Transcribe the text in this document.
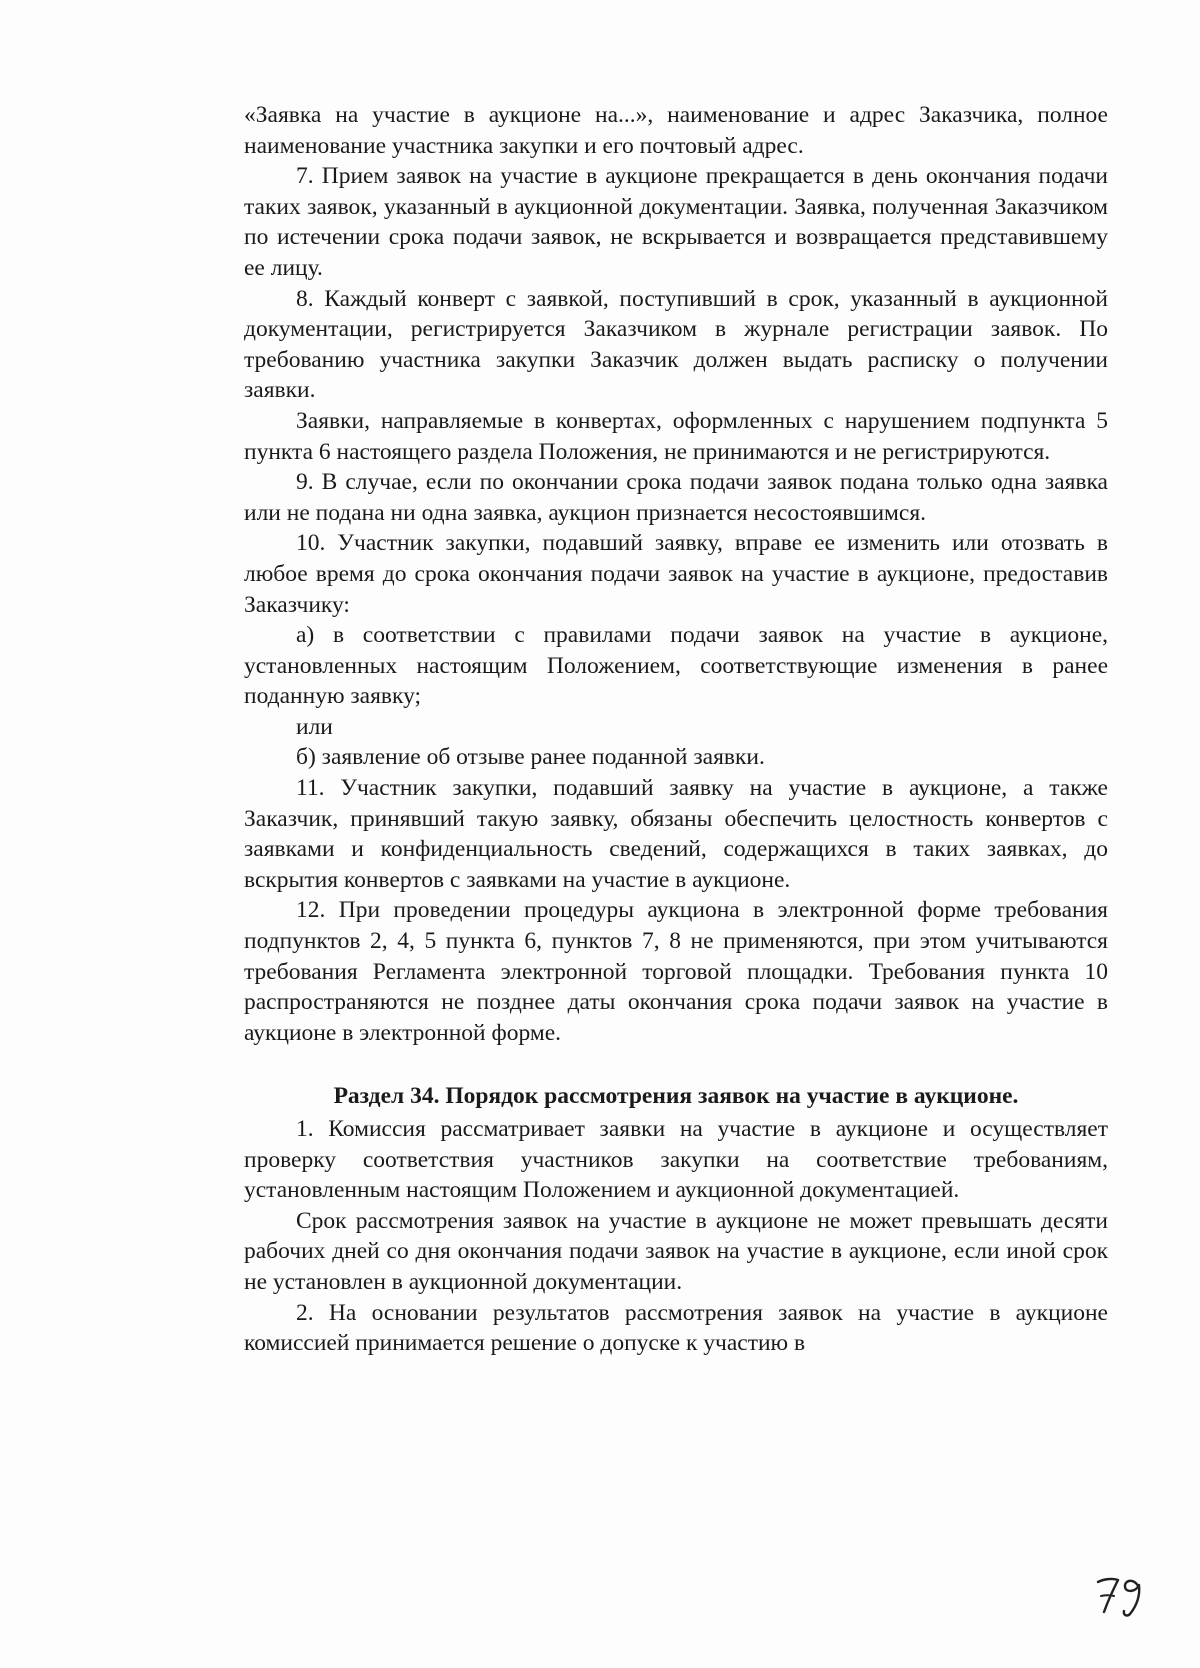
«Заявка на участие в аукционе на...», наименование и адрес Заказчика, полное наименование участника закупки и его почтовый адрес.

7. Прием заявок на участие в аукционе прекращается в день окончания подачи таких заявок, указанный в аукционной документации. Заявка, полученная Заказчиком по истечении срока подачи заявок, не вскрывается и возвращается представившему ее лицу.

8. Каждый конверт с заявкой, поступивший в срок, указанный в аукционной документации, регистрируется Заказчиком в журнале регистрации заявок. По требованию участника закупки Заказчик должен выдать расписку о получении заявки.

Заявки, направляемые в конвертах, оформленных с нарушением подпункта 5 пункта 6 настоящего раздела Положения, не принимаются и не регистрируются.

9. В случае, если по окончании срока подачи заявок подана только одна заявка или не подана ни одна заявка, аукцион признается несостоявшимся.

10. Участник закупки, подавший заявку, вправе ее изменить или отозвать в любое время до срока окончания подачи заявок на участие в аукционе, предоставив Заказчику:

а) в соответствии с правилами подачи заявок на участие в аукционе, установленных настоящим Положением, соответствующие изменения в ранее поданную заявку;

или

б) заявление об отзыве ранее поданной заявки.

11. Участник закупки, подавший заявку на участие в аукционе, а также Заказчик, принявший такую заявку, обязаны обеспечить целостность конвертов с заявками и конфиденциальность сведений, содержащихся в таких заявках, до вскрытия конвертов с заявками на участие в аукционе.

12. При проведении процедуры аукциона в электронной форме требования подпунктов 2, 4, 5 пункта 6, пунктов 7, 8 не применяются, при этом учитываются требования Регламента электронной торговой площадки. Требования пункта 10 распространяются не позднее даты окончания срока подачи заявок на участие в аукционе в электронной форме.

Раздел 34. Порядок рассмотрения заявок на участие в аукционе.

1. Комиссия рассматривает заявки на участие в аукционе и осуществляет проверку соответствия участников закупки на соответствие требованиям, установленным настоящим Положением и аукционной документацией.

Срок рассмотрения заявок на участие в аукционе не может превышать десяти рабочих дней со дня окончания подачи заявок на участие в аукционе, если иной срок не установлен в аукционной документации.

2. На основании результатов рассмотрения заявок на участие в аукционе комиссией принимается решение о допуске к участию в
